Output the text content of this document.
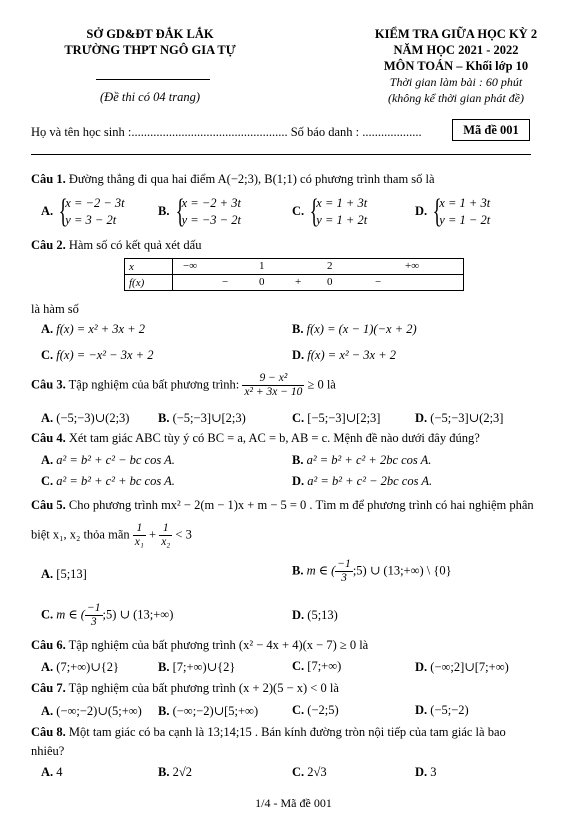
SỞ GD&ĐT ĐẮK LẮK
TRƯỜNG THPT NGÔ GIA TỰ
(Đề thi có 04 trang)
KIỂM TRA GIỮA HỌC KỲ 2
NĂM HỌC 2021 - 2022
MÔN TOÁN – Khối lớp 10
Thời gian làm bài : 60 phút
(không kể thời gian phát đề)
Họ và tên học sinh :.................................................. Số báo danh : ...................	Mã đề 001
Câu 1. Đường thẳng đi qua hai điểm A(−2;3), B(1;1) có phương trình tham số là
A.
{ x = −2 − 3t
y = 3 − 2t
B.
{ x = −2 + 3t
y = −3 − 2t
C.
{ x = 1 + 3t
y = 1 + 2t
D.
{ x = 1 + 3t
y = 1 − 2t
Câu 2. Hàm số có kết quả xét dấu
x	−∞ 1 2 +∞

f(x)	− 0 + 0 −
là hàm số
A. f(x) = x² + 3x + 2	B. f(x) = (x − 1)(−x + 2)
C. f(x) = −x² − 3x + 2	D. f(x) = x² − 3x + 2
Câu 3. Tập nghiệm của bất phương trình: $\frac{\text{9 − x²}}{\text{x² + 3x − 10}} \ge 0$ là
A. (−5;−3)∪(2;3) B. (−5;−3]∪[2;3)	C. [−5;−3]∪[2;3]	D. (−5;−3]∪(2;3]
Câu 4. Xét tam giác ABC tùy ý có BC = a, AC = b, AB = c. Mệnh đề nào dưới đây đúng?
A. a² = b² + c² − bc cos A.	B. a² = b² + c² + 2bc cos A.
C. a² = b² + c² + bc cos A.	D. a² = b² + c² − 2bc cos A.
Câu 5. Cho phương trình mx² − 2(m − 1)x + m − 5 = 0 . Tìm m để phương trình có hai nghiệm phân
biệt x₁, x₂ thỏa mãn $\frac{1}{\text{x₁}} + \frac{1}{\text{x₂}} < 3$
A. [5;13]	B. m ∈ ( $\frac{-1}{3}$ ;5) ∪ (13;+∞) \ {0}
C. m ∈ ( $\frac{-1}{3}$ ;5) ∪ (13;+∞)	D. (5;13)
Câu 6. Tập nghiệm của bất phương trình (x² − 4x + 4)(x − 7) ≥ 0 là
A. (7;+∞)∪{2}	B. [7;+∞)∪{2}	C. [7;+∞)	D. (−∞;2]∪[7;+∞)
Câu 7. Tập nghiệm của bất phương trình (x + 2)(5 − x) < 0 là
A. (−∞;−2)∪(5;+∞) B. (−∞;−2)∪[5;+∞)	C. (−2;5)	D. (−5;−2)
Câu 8. Một tam giác có ba cạnh là 13;14;15 . Bán kính đường tròn nội tiếp của tam giác là bao
nhiêu?
A. 4	B. 2√2	C. 2√3	D. 3
1/4 - Mã đề 001
